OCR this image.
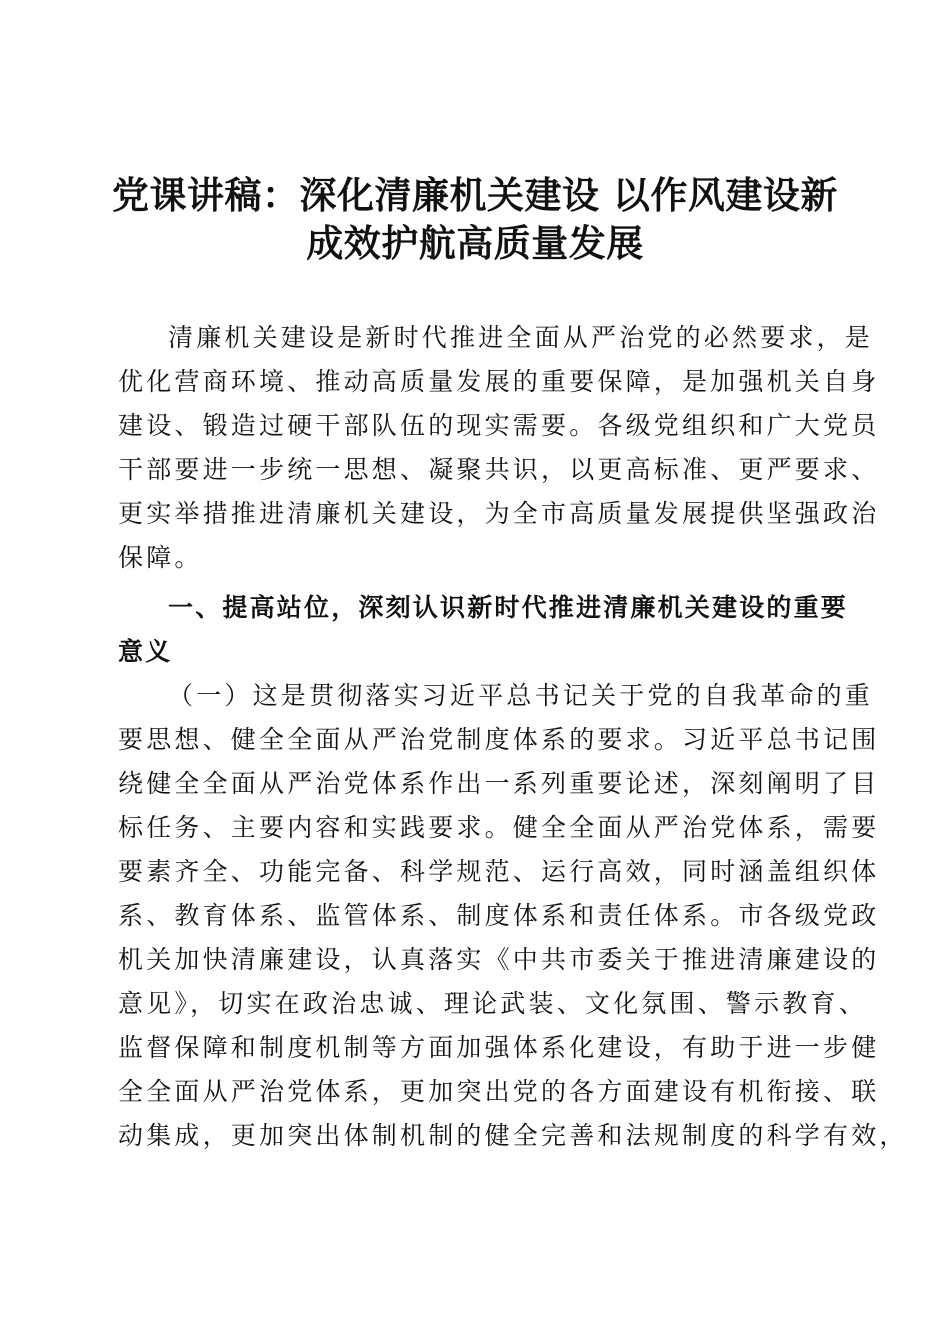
党课讲稿：深化清廉机关建设 以作风建设新
成效护航高质量发展
清廉机关建设是新时代推进全面从严治党的必然要求，是
优化营商环境、推动高质量发展的重要保障，是加强机关自身
建设、锻造过硬干部队伍的现实需要。各级党组织和广大党员
干部要进一步统一思想、凝聚共识，以更高标准、更严要求、
更实举措推进清廉机关建设，为全市高质量发展提供坚强政治
保障。
一、提高站位，深刻认识新时代推进清廉机关建设的重要
意义
（一）这是贯彻落实习近平总书记关于党的自我革命的重
要思想、健全全面从严治党制度体系的要求。习近平总书记围
绕健全全面从严治党体系作出一系列重要论述，深刻阐明了目
标任务、主要内容和实践要求。健全全面从严治党体系，需要
要素齐全、功能完备、科学规范、运行高效，同时涵盖组织体
系、教育体系、监管体系、制度体系和责任体系。市各级党政
机关加快清廉建设，认真落实《中共市委关于推进清廉建设的
意见》，切实在政治忠诚、理论武装、文化氛围、警示教育、
监督保障和制度机制等方面加强体系化建设，有助于进一步健
全全面从严治党体系，更加突出党的各方面建设有机衔接、联
动集成，更加突出体制机制的健全完善和法规制度的科学有效，
